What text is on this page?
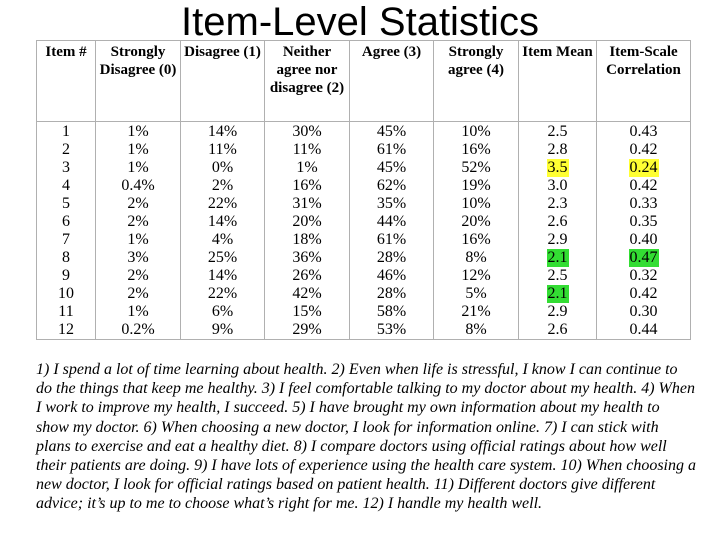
Item-Level Statistics
Item #	Strongly Disagree (0)	Disagree (1)	Neither agree nor disagree (2)	Agree (3)	Strongly agree (4)	Item Mean	Item-Scale Correlation
1	1%	14%	30%	45%	10%	2.5	0.43
2	1%	11%	11%	61%	16%	2.8	0.42
3	1%	0%	1%	45%	52%	3.5	0.24
4	0.4%	2%	16%	62%	19%	3.0	0.42
5	2%	22%	31%	35%	10%	2.3	0.33
6	2%	14%	20%	44%	20%	2.6	0.35
7	1%	4%	18%	61%	16%	2.9	0.40
8	3%	25%	36%	28%	8%	2.1	0.47
9	2%	14%	26%	46%	12%	2.5	0.32
10	2%	22%	42%	28%	5%	2.1	0.42
11	1%	6%	15%	58%	21%	2.9	0.30
12	0.2%	9%	29%	53%	8%	2.6	0.44
1) I spend a lot of time learning about health. 2) Even when life is stressful, I know I can continue to do the things that keep me healthy. 3) I feel comfortable talking to my doctor about my health. 4) When I work to improve my health, I succeed. 5) I have brought my own information about my health to show my doctor. 6) When choosing a new doctor, I look for information online. 7) I can stick with plans to exercise and eat a healthy diet. 8) I compare doctors using official ratings about how well their patients are doing. 9) I have lots of experience using the health care system. 10) When choosing a new doctor, I look for official ratings based on patient health. 11) Different doctors give different advice; it’s up to me to choose what’s right for me. 12) I handle my health well.
